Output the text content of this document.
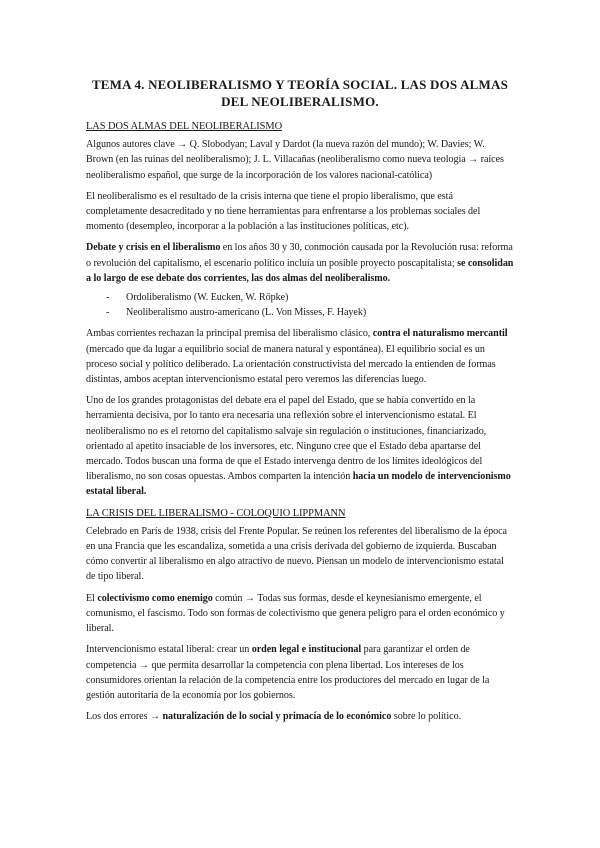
TEMA 4. NEOLIBERALISMO Y TEORÍA SOCIAL. LAS DOS ALMAS
DEL NEOLIBERALISMO.
LAS DOS ALMAS DEL NEOLIBERALISMO

Algunos autores clave → Q. Slobodyan; Laval y Dardot (la nueva razón del mundo); W. Davies; W. Brown (en las ruinas del neoliberalismo); J. L. Villacañas (neoliberalismo como nueva teología → raíces neoliberalismo español, que surge de la incorporación de los valores nacional-católica)

El neoliberalismo es el resultado de la crisis interna que tiene el propio liberalismo, que está completamente desacreditado y no tiene herramientas para enfrentarse a los problemas sociales del momento (desempleo, incorporar a la población a las instituciones políticas, etc).

Debate y crisis en el liberalismo en los años 30 y 30, conmoción causada por la Revolución rusa: reforma o revolución del capitalismo, el escenario político incluía un posible proyecto poscapitalista; se consolidan a lo largo de ese debate dos corrientes, las dos almas del neoliberalismo.

- Ordoliberalismo (W. Eucken, W. Röpke)
- Neoliberalismo austro-americano (L. Von Misses, F. Hayek)

Ambas corrientes rechazan la principal premisa del liberalismo clásico, contra el naturalismo mercantil (mercado que da lugar a equilibrio social de manera natural y espontánea). El equilibrio social es un proceso social y político deliberado. La orientación constructivista del mercado la entienden de formas distintas, ambos aceptan intervencionismo estatal pero veremos las diferencias luego.

Uno de los grandes protagonistas del debate era el papel del Estado, que se había convertido en la herramienta decisiva, por lo tanto era necesaria una reflexión sobre el intervencionismo estatal. El neoliberalismo no es el retorno del capitalismo salvaje sin regulación o instituciones, financiarizado, orientado al apetito insaciable de los inversores, etc. Ninguno cree que el Estado deba apartarse del mercado. Todos buscan una forma de que el Estado intervenga dentro de los límites ideológicos del liberalismo, no son cosas opuestas. Ambos comparten la intención hacia un modelo de intervencionismo estatal liberal.

LA CRISIS DEL LIBERALISMO - COLOQUIO LIPPMANN

Celebrado en París de 1938, crisis del Frente Popular. Se reúnen los referentes del liberalismo de la época en una Francia que les escandaliza, sometida a una crisis derivada del gobierno de izquierda. Buscaban cómo convertir al liberalismo en algo atractivo de nuevo. Piensan un modelo de intervencionismo estatal de tipo liberal.

El colectivismo como enemigo común → Todas sus formas, desde el keynesianismo emergente, el comunismo, el fascismo. Todo son formas de colectivismo que genera peligro para el orden económico y liberal.

Intervencionismo estatal liberal: crear un orden legal e institucional para garantizar el orden de competencia → que permita desarrollar la competencia con plena libertad. Los intereses de los consumidores orientan la relación de la competencia entre los productores del mercado en lugar de la gestión autoritaria de la economía por los gobiernos.

Los dos errores → naturalización de lo social y primacía de lo económico sobre lo político.
